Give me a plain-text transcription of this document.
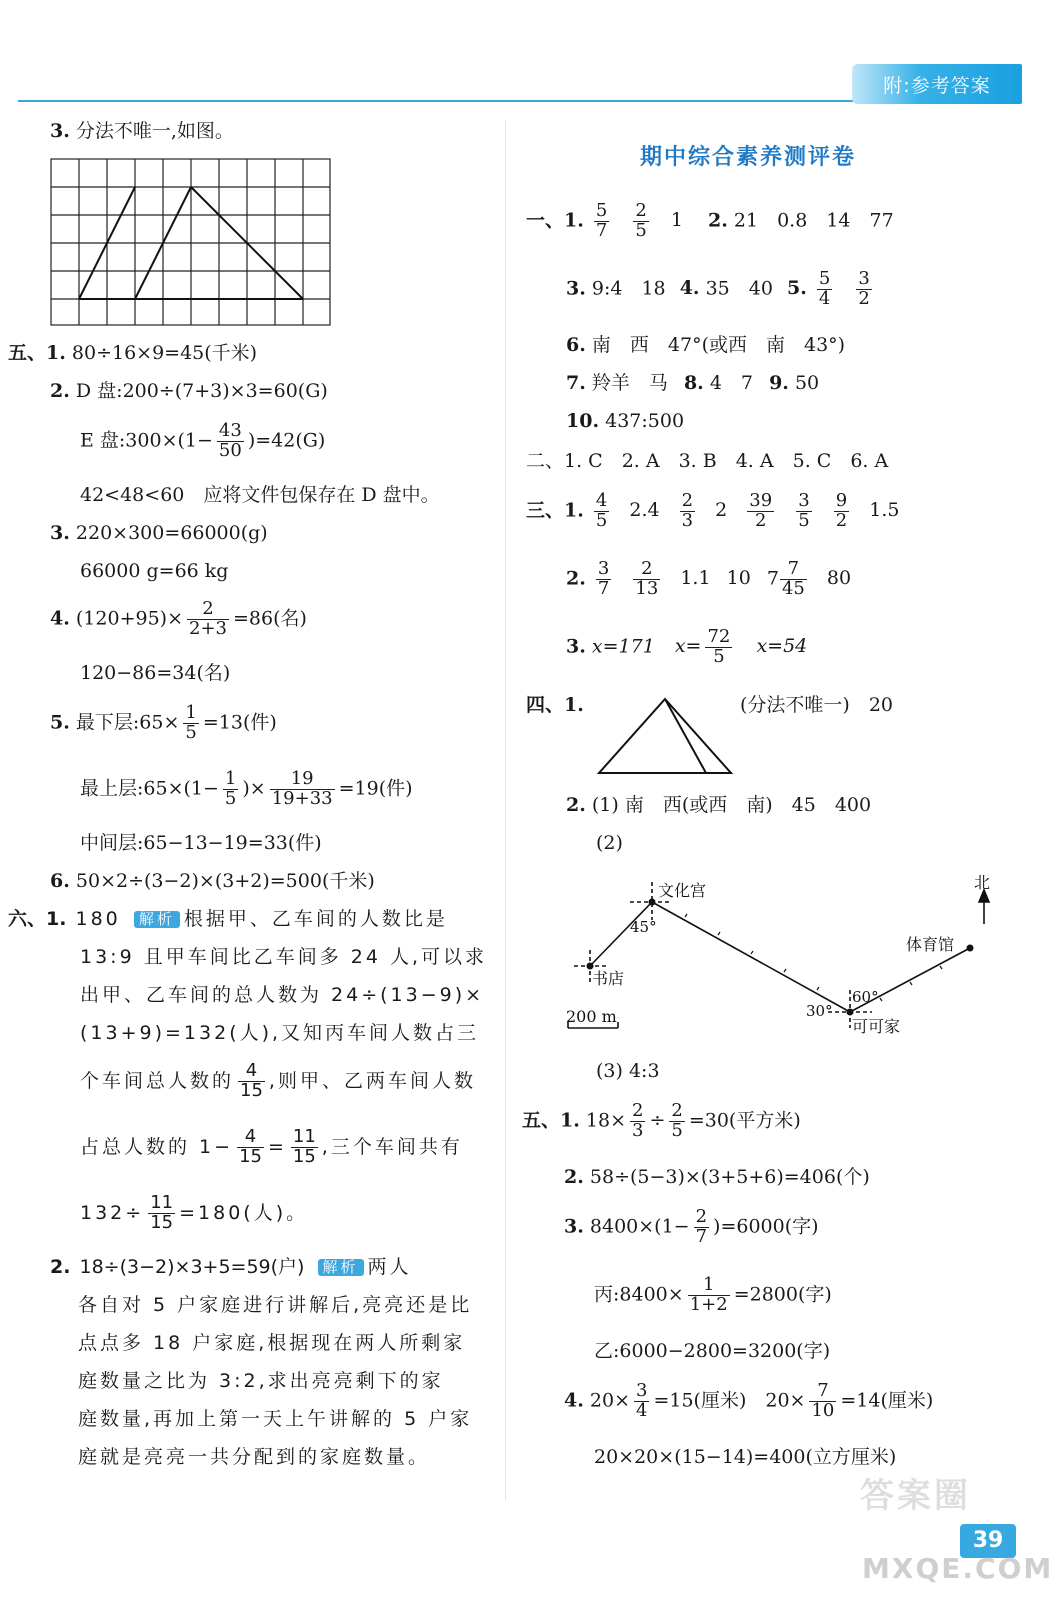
附:参考答案
3. 分法不唯一,如图。
五、1. 80÷16×9=45(千米)
2. D 盘:200÷(7+3)×3=60(G)
E 盘:300×(1− $\frac{43}{50} )=42(G)$
42<48<60　应将文件包保存在 D 盘中。
3. 220×300=66000(g)
66000 g=66 kg
4. $(120+95)\times \frac{2}{2+3} =86$(名)
120−86=34(名)
5. 最下层:65× $\frac{1}{5} =13$(件)
最上层:65×(1− $\frac{1}{5}$ )× $\frac{19}{19+33} =19$(件)
中间层:65−13−19=33(件)
6. 50×2÷(3−2)×(3+2)=500(千米)
六、1. 180 解析 根据甲、乙车间的人数比是
13:9 且甲车间比乙车间多 24 人,可以求
出甲、乙车间的总人数为 24÷(13−9)×
(13+9)=132(人),又知丙车间人数占三
个车间总人数的 $\frac{4}{15}$ ,则甲、乙两车间人数
占总人数的 $1- \frac{4}{15} = \frac{11}{15}$ ,三个车间共有
$132\div \frac{11}{15} =180$(人)。
2. 18÷(3−2)×3+5=59(户) 解析 两人
各自对 5 户家庭进行讲解后,亮亮还是比
点点多 18 户家庭,根据现在两人所剩家
庭数量之比为 3:2,求出亮亮剩下的家
庭数量,再加上第一天上午讲解的 5 户家
庭就是亮亮一共分配到的家庭数量。
期中综合素养测评卷
一、1. $\frac{5}{7}$
$\frac{2}{5} 1$　 2. 21　0.8　14　77
3. 9:4　18 4. 35　40 5. $\frac{5}{4}$
$\frac{3}{2}$
6. 南　西　47°(或西　南　43°)
7. 羚羊　马 8. 4　7 9. 50
10. 437:500
二、1. C　2. A　3. B　4. A　5. C　6. A
三、1. $\frac{4}{5} 2.4 \frac{2}{3} 2 \frac{39}{2}$
$\frac{3}{5}$
$\frac{9}{2} 1.5$
2. $\frac{3}{7}$
$\frac{2}{13} 1.1$ 10 $7 \frac{7}{45} 80$
3. x=171 $x= \frac{72}{5} x=54$
四、1.	(分法不唯一)　20
2. (1) 南　西(或西　南)　45　400
(2)
文化宫
45°
书店
200 m	30°
60°
可可家
体育馆
北
(3) 4:3
五、1. $18\times \frac{2}{3} \div \frac{2}{5} =30$(平方米)
2. 58÷(5−3)×(3+5+6)=406(个)
3. $8400\times(1- \frac{2}{7} )=6000$(字)
丙:8400× $\frac{1}{1+2} =2800$(字)
乙:6000−2800=3200(字)
4. $20\times \frac{3}{4} =15$(厘米)　$20\times \frac{7}{10} =14$(厘米)
20×20×(15−14)=400(立方厘米)
答案圈
39
MXQE.COM
